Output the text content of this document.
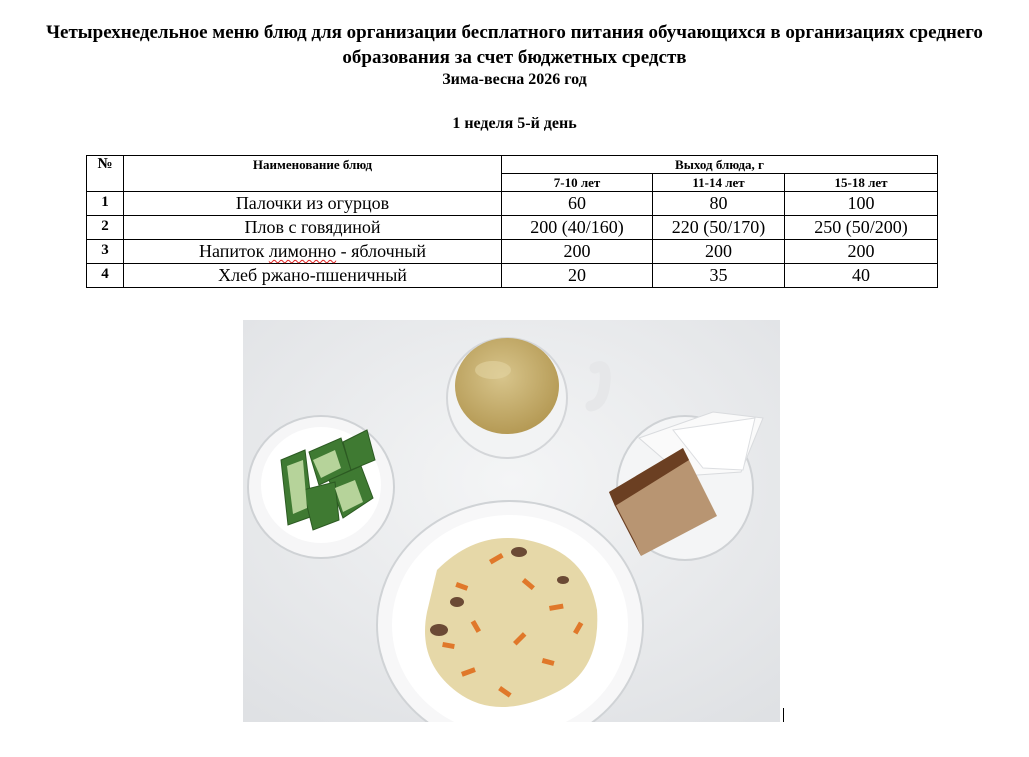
Четырехнедельное меню блюд для организации бесплатного питания обучающихся в организациях среднего образования за счет бюджетных средств
Зима-весна 2026 год
1 неделя 5-й день
№	Наименование блюд	Выход блюда, г		
		7-10 лет	11-14 лет	15-18 лет
1	Палочки из огурцов	60	80	100
2	Плов с говядиной	200 (40/160)	220 (50/170)	250 (50/200)
3	Напиток лимонно - яблочный	200	200	200
4	Хлеб ржано-пшеничный	20	35	40
